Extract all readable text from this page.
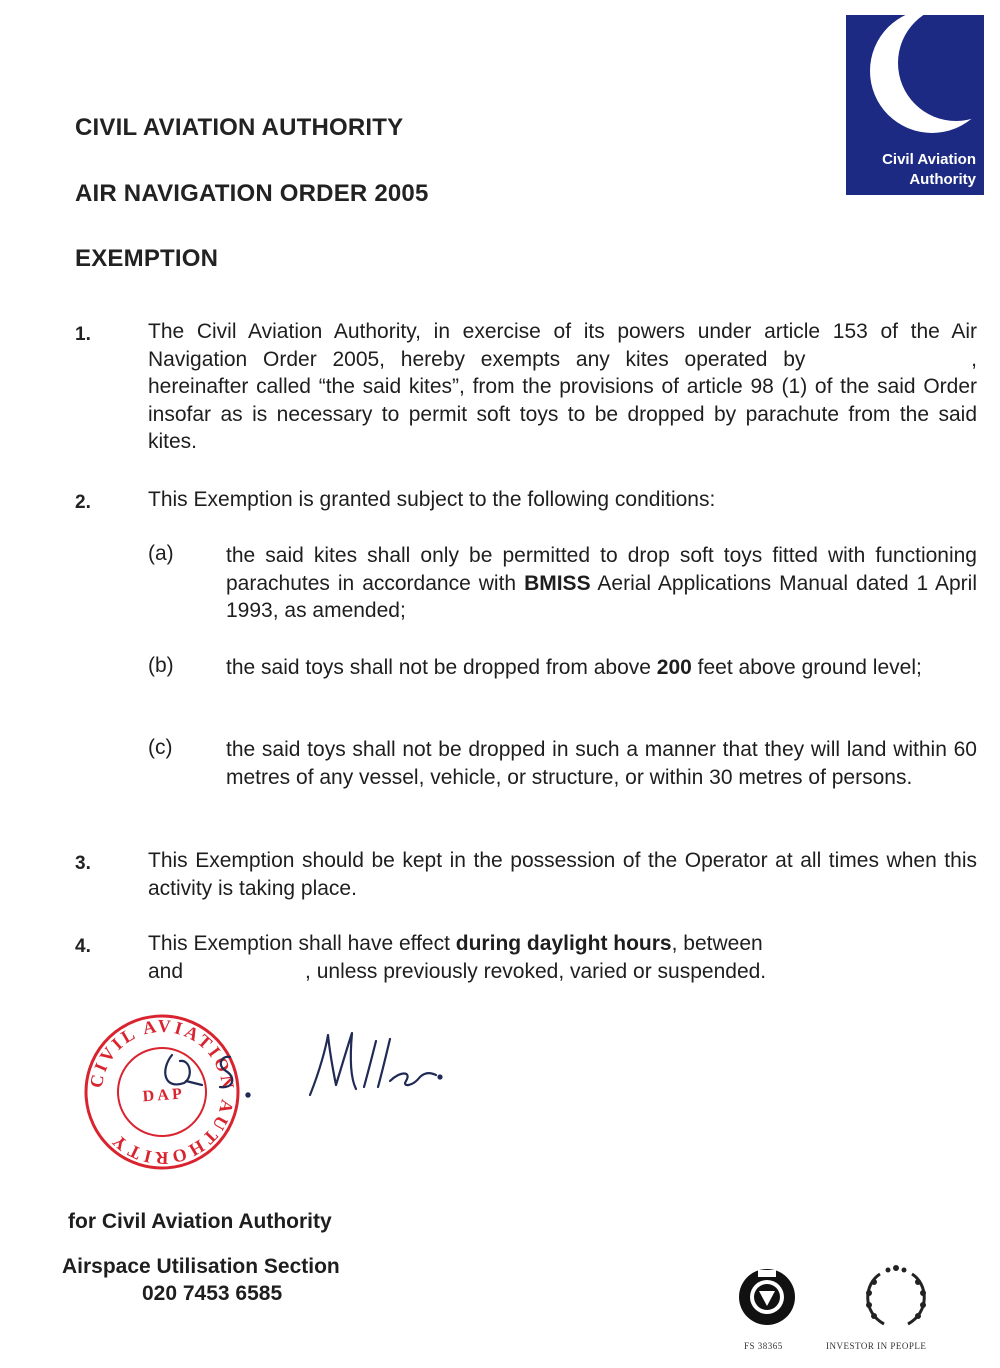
Civil Aviation
Authority
CIVIL AVIATION AUTHORITY
AIR NAVIGATION ORDER 2005
EXEMPTION
1.	The Civil Aviation Authority, in exercise of its powers under article 153 of the Air Navigation Order 2005, hereby exempts any kites operated by	, hereinafter called “the said kites”, from the provisions of article 98 (1) of the said Order insofar as is necessary to permit soft toys to be dropped by parachute from the said kites.
2.	This Exemption is granted subject to the following conditions:
(a) the said kites shall only be permitted to drop soft toys fitted with functioning parachutes in accordance with BMISS Aerial Applications Manual dated 1 April 1993, as amended;
(b) the said toys shall not be dropped from above 200 feet above ground level;
(c)	the said toys shall not be dropped in such a manner that they will land within 60 metres of any vessel, vehicle, or structure, or within 30 metres of persons.
3.	This Exemption should be kept in the possession of the Operator at all times when this activity is taking place.
4.	This Exemption shall have effect during daylight hours, between
and	, unless previously revoked, varied or suspended.
CIVIL AVIATION AUTHORITY
D A P
for Civil Aviation Authority
Airspace Utilisation Section
020 7453 6585
FS 38365	INVESTOR IN PEOPLE
